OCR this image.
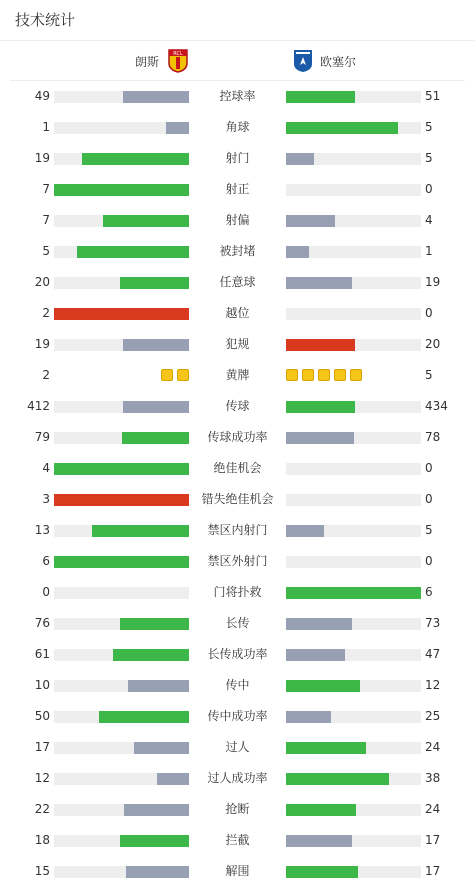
技术统计
朗斯
RCL
欧塞尔
49	控球率	51
1	角球	5
19	射门	5
7	射正	0
7	射偏	4
5	被封堵	1
20	任意球	19
2	越位	0
19	犯规	20
2	黄牌	5
412	传球	434
79	传球成功率	78
4	绝佳机会	0
3	错失绝佳机会	0
13	禁区内射门	5
6	禁区外射门	0
0	门将扑救	6
76	长传	73
61	长传成功率	47
10	传中	12
50	传中成功率	25
17	过人	24
12	过人成功率	38
22	抢断	24
18	拦截	17
15	解围	17
